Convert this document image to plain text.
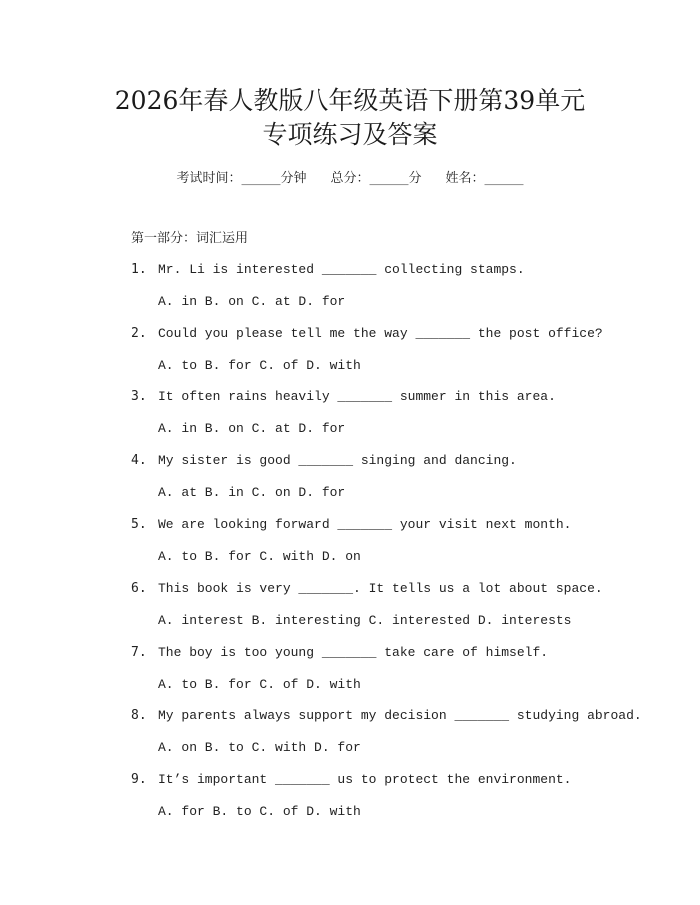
2026年春人教版八年级英语下册第39单元
专项练习及答案
考试时间：______分钟 总分：______分 姓名：______
第一部分：词汇运用
1. Mr. Li is interested _______ collecting stamps.
A. in B. on C. at D. for
2. Could you please tell me the way _______ the post office?
A. to B. for C. of D. with
3. It often rains heavily _______ summer in this area.
A. in B. on C. at D. for
4. My sister is good _______ singing and dancing.
A. at B. in C. on D. for
5. We are looking forward _______ your visit next month.
A. to B. for C. with D. on
6. This book is very _______. It tells us a lot about space.
A. interest B. interesting C. interested D. interests
7. The boy is too young _______ take care of himself.
A. to B. for C. of D. with
8. My parents always support my decision _______ studying abroad.
A. on B. to C. with D. for
9. It’s important _______ us to protect the environment.
A. for B. to C. of D. with
